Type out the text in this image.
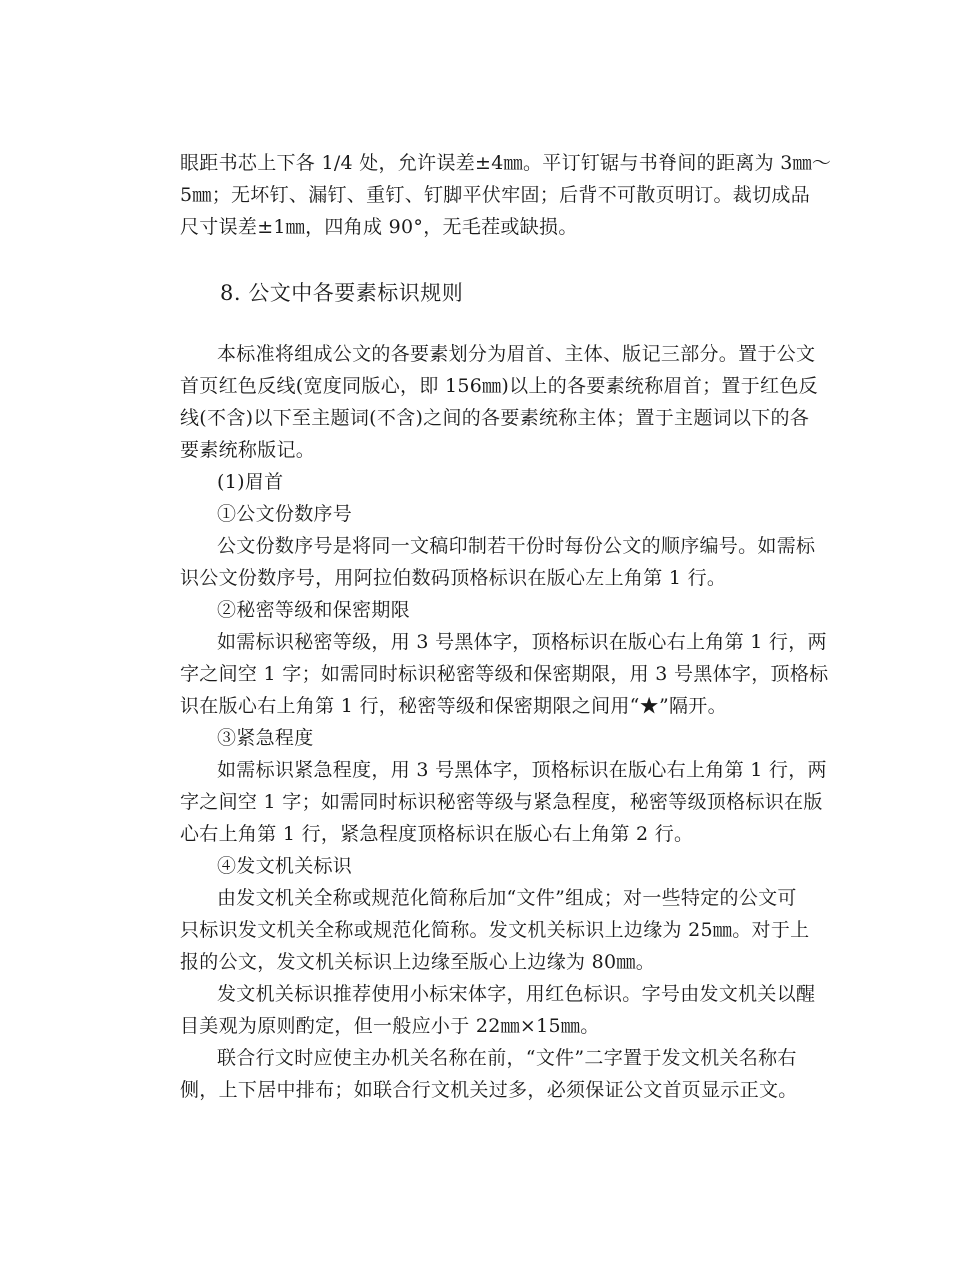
眼距书芯上下各 1/4 处，允许误差±4㎜。平订钉锯与书脊间的距离为 3㎜～
5㎜；无坏钉、漏钉、重钉、钉脚平伏牢固；后背不可散页明订。裁切成品
尺寸误差±1㎜，四角成 90°，无毛茬或缺损。
8. 公文中各要素标识规则
本标准将组成公文的各要素划分为眉首、主体、版记三部分。置于公文
首页红色反线(宽度同版心，即 156㎜)以上的各要素统称眉首；置于红色反
线(不含)以下至主题词(不含)之间的各要素统称主体；置于主题词以下的各
要素统称版记。
(1)眉首
①公文份数序号
公文份数序号是将同一文稿印制若干份时每份公文的顺序编号。如需标
识公文份数序号，用阿拉伯数码顶格标识在版心左上角第 1 行。
②秘密等级和保密期限
如需标识秘密等级，用 3 号黑体字，顶格标识在版心右上角第 1 行，两
字之间空 1 字；如需同时标识秘密等级和保密期限，用 3 号黑体字，顶格标
识在版心右上角第 1 行，秘密等级和保密期限之间用“★”隔开。
③紧急程度
如需标识紧急程度，用 3 号黑体字，顶格标识在版心右上角第 1 行，两
字之间空 1 字；如需同时标识秘密等级与紧急程度，秘密等级顶格标识在版
心右上角第 1 行，紧急程度顶格标识在版心右上角第 2 行。
④发文机关标识
由发文机关全称或规范化简称后加“文件”组成；对一些特定的公文可
只标识发文机关全称或规范化简称。发文机关标识上边缘为 25㎜。对于上
报的公文，发文机关标识上边缘至版心上边缘为 80㎜。
发文机关标识推荐使用小标宋体字，用红色标识。字号由发文机关以醒
目美观为原则酌定，但一般应小于 22㎜×15㎜。
联合行文时应使主办机关名称在前，“文件”二字置于发文机关名称右
侧，上下居中排布；如联合行文机关过多，必须保证公文首页显示正文。
